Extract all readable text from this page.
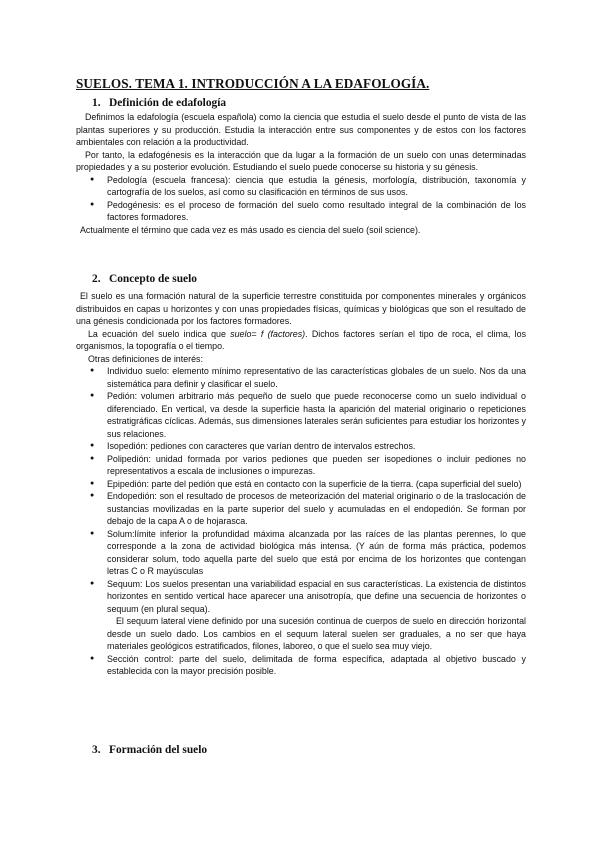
SUELOS. TEMA 1. INTRODUCCIÓN A LA EDAFOLOGÍA.
1. Definición de edafología

Definimos la edafología (escuela española) como la ciencia que estudia el suelo desde el punto de vista de las plantas superiores y su producción. Estudia la interacción entre sus componentes y de estos con los factores ambientales con relación a la productividad.

Por tanto, la edafogénesis es la interacción que da lugar a la formación de un suelo con unas determinadas propiedades y a su posterior evolución. Estudiando el suelo puede conocerse su historia y su génesis.

● Pedología (escuela francesa): ciencia que estudia la génesis, morfología, distribución, taxonomía y cartografía de los suelos, así como su clasificación en términos de sus usos.
● Pedogénesis: es el proceso de formación del suelo como resultado integral de la combinación de los factores formadores.

Actualmente el término que cada vez es más usado es ciencia del suelo (soil science).

2. Concepto de suelo

El suelo es una formación natural de la superficie terrestre constituida por componentes minerales y orgánicos distribuidos en capas u horizontes y con unas propiedades físicas, químicas y biológicas que son el resultado de una génesis condicionada por los factores formadores.

La ecuación del suelo indica que suelo= f (factores). Dichos factores serían el tipo de roca, el clima, los organismos, la topografía o el tiempo.

Otras definiciones de interés:

● Individuo suelo: elemento mínimo representativo de las características globales de un suelo. Nos da una sistemática para definir y clasificar el suelo.
● Pedión: volumen arbitrario más pequeño de suelo que puede reconocerse como un suelo individual o diferenciado. En vertical, va desde la superficie hasta la aparición del material originario o repeticiones estratigráficas cíclicas. Además, sus dimensiones laterales serán suficientes para estudiar los horizontes y sus relaciones.
● Isopedión: pediones con caracteres que varían dentro de intervalos estrechos.
● Polipedión: unidad formada por varios pediones que pueden ser isopediones o incluir pediones no representativos a escala de inclusiones o impurezas.
● Epipedión: parte del pedión que está en contacto con la superficie de la tierra. (capa superficial del suelo)
● Endopedión: son el resultado de procesos de meteorización del material originario o de la traslocación de sustancias movilizadas en la parte superior del suelo y acumuladas en el endopedión. Se forman por debajo de la capa A o de hojarasca.
● Solum:límite inferior la profundidad máxima alcanzada por las raíces de las plantas perennes, lo que corresponde a la zona de actividad biológica más intensa. (Y aún de forma más práctica, podemos considerar solum, todo aquella parte del suelo que está por encima de los horizontes que contengan letras C o R mayúsculas
● Sequum: Los suelos presentan una variabilidad espacial en sus características. La existencia de distintos horizontes en sentido vertical hace aparecer una anisotropía, que define una secuencia de horizontes o sequum (en plural sequa).

El sequum lateral viene definido por una sucesión continua de cuerpos de suelo en dirección horizontal desde un suelo dado. Los cambios en el sequum lateral suelen ser graduales, a no ser que haya materiales geológicos estratificados, filones, laboreo, o que el suelo sea muy viejo.

● Sección control: parte del suelo, delimitada de forma específica, adaptada al objetivo buscado y establecida con la mayor precisión posible.
3. Formación del suelo
